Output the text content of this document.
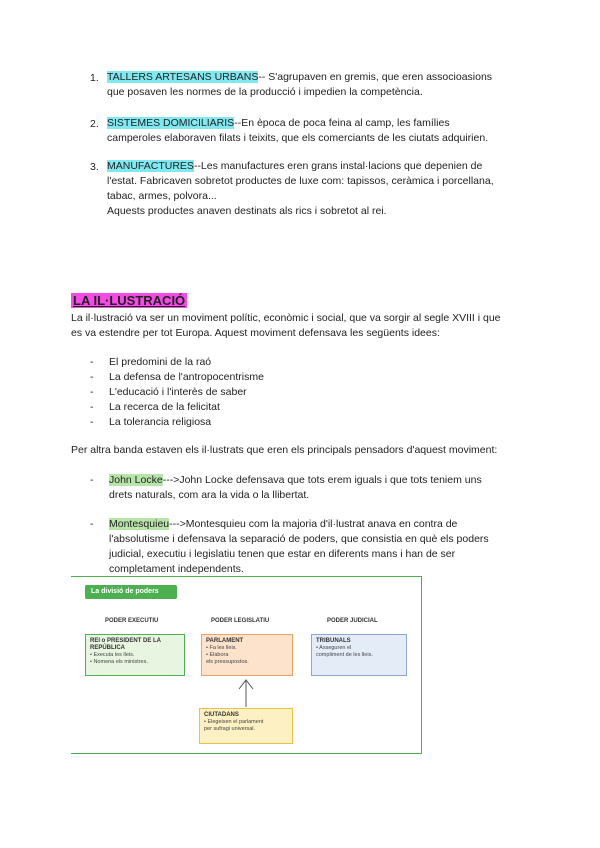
1. TALLERS ARTESANS URBANS-- S'agrupaven en gremis, que eren associoasions
que posaven les normes de la producció i impedien la competència.
2. SISTEMES DOMICILIARIS--En època de poca feina al camp, les famílies
camperoles elaboraven filats i teixits, que els comerciants de les ciutats adquirien.
3. MANUFACTURES--Les manufactures eren grans instal·lacions que depenien de
l'estat. Fabricaven sobretot productes de luxe com: tapissos, ceràmica i porcellana,
tabac, armes, polvora...
Aquests productes anaven destinats als rics i sobretot al rei.
LA IL·LUSTRACIÓ
La il·lustració va ser un moviment polític, econòmic i social, que va sorgir al segle XVIII i que
es va estendre per tot Europa. Aquest moviment defensava les següents idees:
- El predomini de la raó
- La defensa de l'antropocentrisme
- L'educació i l'interès de saber
- La recerca de la felicitat
- La tolerancia religiosa
Per altra banda estaven els il·lustrats que eren els principals pensadors d'aquest moviment:
- John Locke--->John Locke defensava que tots erem iguals i que tots teniem uns
drets naturals, com ara la vida o la llibertat.
- Montesquieu--->Montesquieu com la majoria d'il·lustrat anava en contra de
l'absolutisme i defensava la separació de poders, que consistia en què els poders
judicial, executiu i legislatiu tenen que estar en diferents mans i han de ser
completament independents.
La divisió de poders
PODER EXECUTIU	PODER LEGISLATIU	PODER JUDICIAL
REI o PRESIDENT DE LA REPÚBLICA
• Executa les lleis.
• Nomena els ministres.
PARLAMENT
• Fa les lleis.
• Elabora
els pressupostos.
TRIBUNALS
• Asseguren el
compliment de les lleis.
CIUTADANS
• Elegeixen el parlament
per sufragi universal.
